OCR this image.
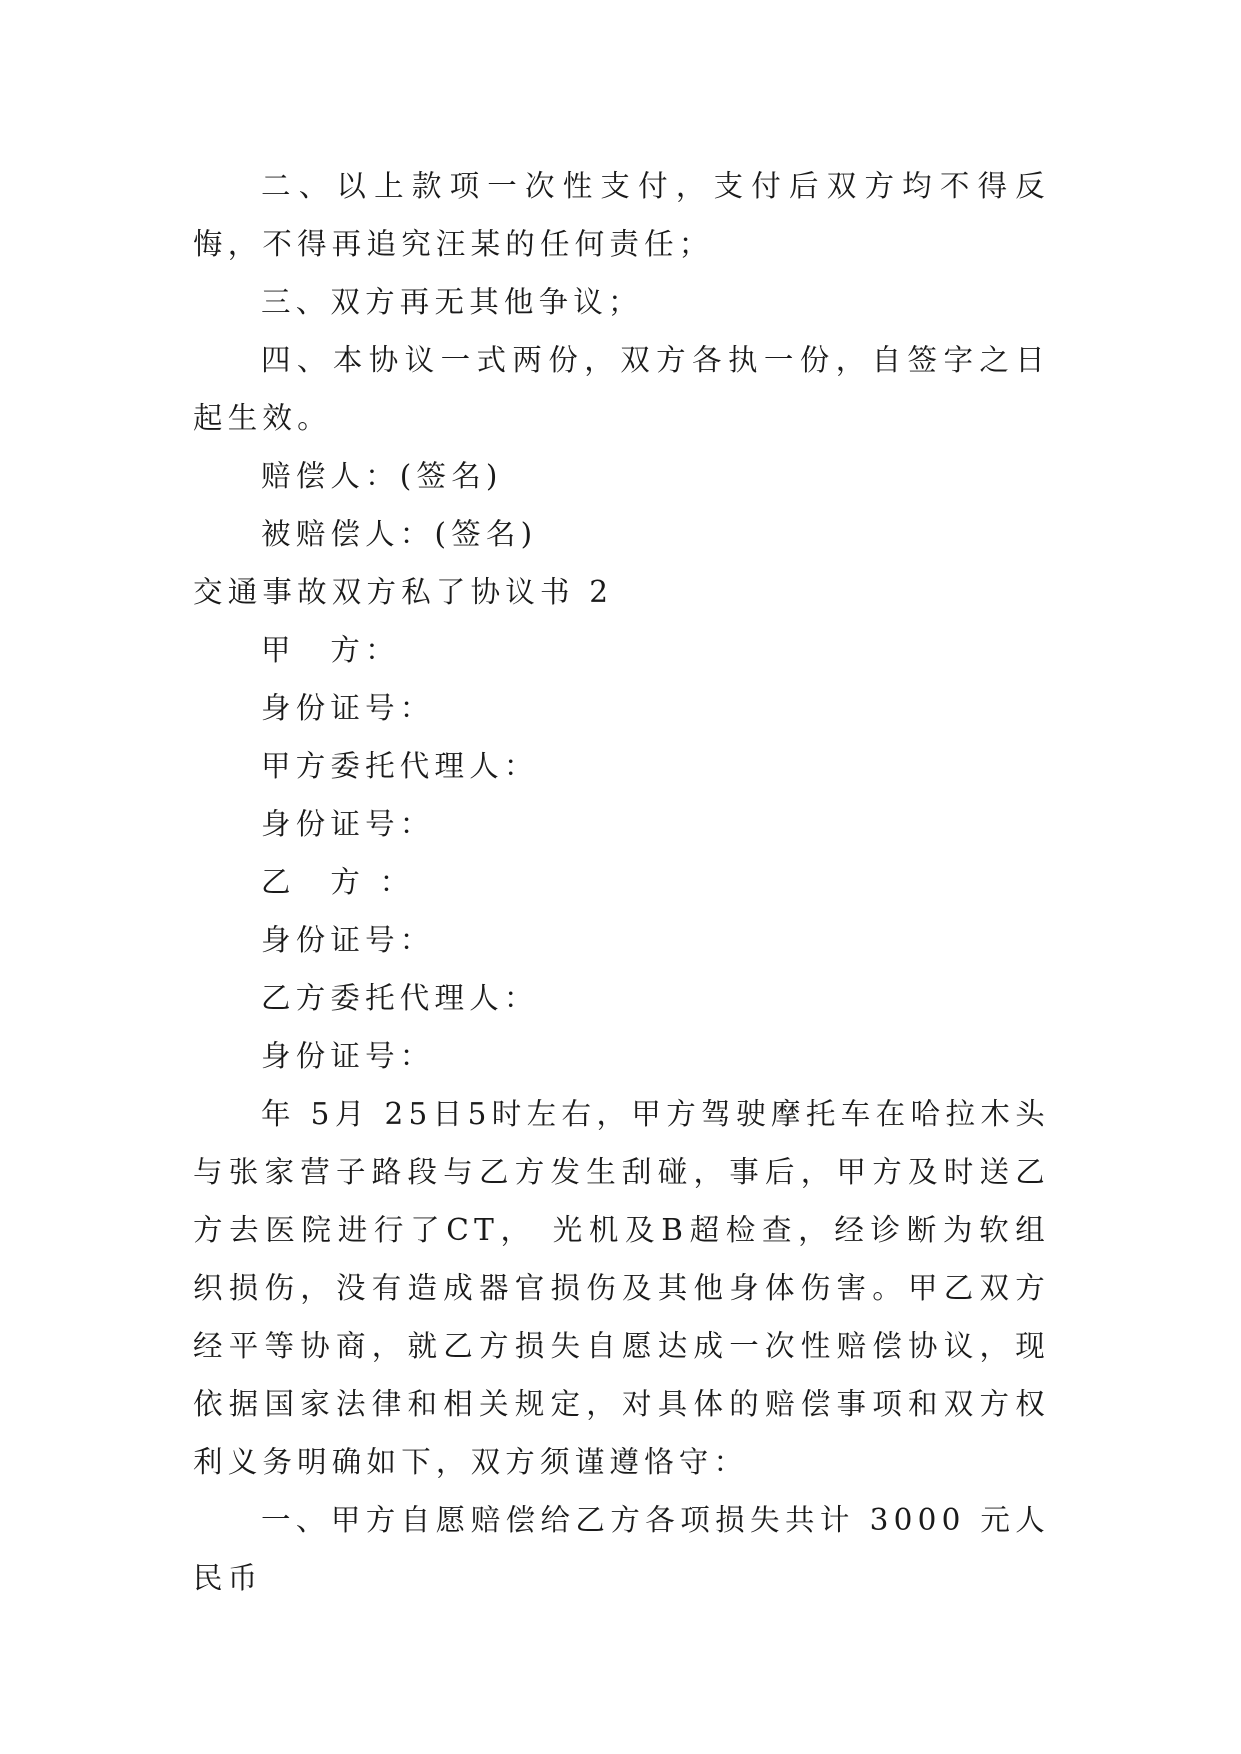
二、以上款项一次性支付，支付后双方均不得反悔，不得再追究汪某的任何责任；

三、双方再无其他争议；

四、本协议一式两份，双方各执一份，自签字之日起生效。

赔偿人：(签名)

被赔偿人：(签名)

交通事故双方私了协议书 2

甲　方：

身份证号：

甲方委托代理人：

身份证号：

乙　方 ：

身份证号：

乙方委托代理人：

身份证号：

年 5月 25日5时左右，甲方驾驶摩托车在哈拉木头与张家营子路段与乙方发生刮碰，事后，甲方及时送乙方去医院进行了CT， 光机及B超检查，经诊断为软组织损伤，没有造成器官损伤及其他身体伤害。甲乙双方经平等协商，就乙方损失自愿达成一次性赔偿协议，现依据国家法律和相关规定，对具体的赔偿事项和双方权利义务明确如下，双方须谨遵恪守：

一、甲方自愿赔偿给乙方各项损失共计 3000 元人民币
